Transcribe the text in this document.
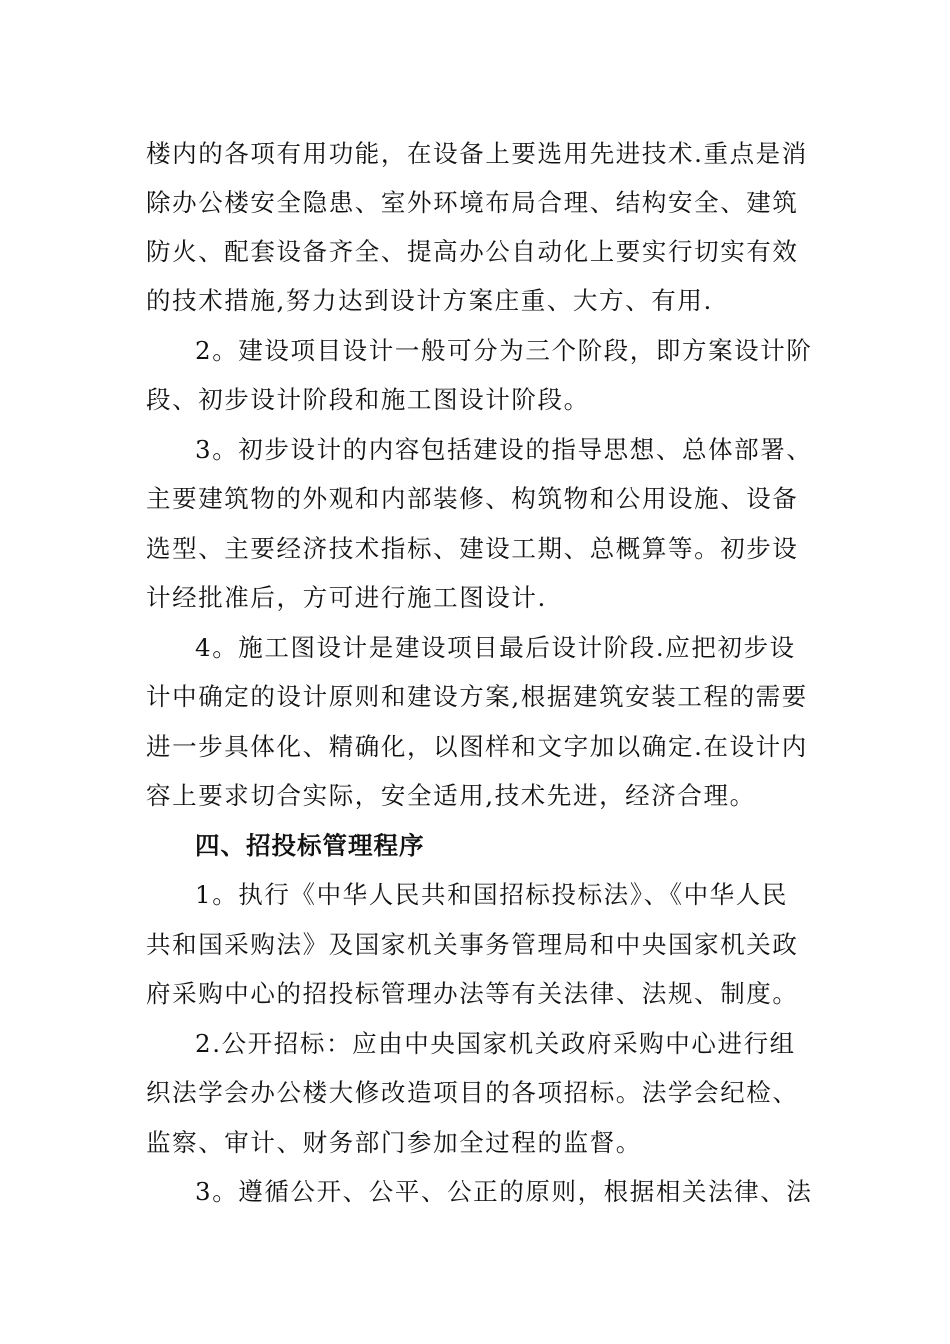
楼内的各项有用功能，在设备上要选用先进技术.重点是消
除办公楼安全隐患、室外环境布局合理、结构安全、建筑
防火、配套设备齐全、提高办公自动化上要实行切实有效
的技术措施,努力达到设计方案庄重、大方、有用.
2。建设项目设计一般可分为三个阶段，即方案设计阶
段、初步设计阶段和施工图设计阶段。
3。初步设计的内容包括建设的指导思想、总体部署、
主要建筑物的外观和内部装修、构筑物和公用设施、设备
选型、主要经济技术指标、建设工期、总概算等。初步设
计经批准后，方可进行施工图设计.
4。施工图设计是建设项目最后设计阶段.应把初步设
计中确定的设计原则和建设方案,根据建筑安装工程的需要
进一步具体化、精确化，以图样和文字加以确定.在设计内
容上要求切合实际，安全适用,技术先进，经济合理。
四、招投标管理程序
1。执行《中华人民共和国招标投标法》、《中华人民
共和国采购法》及国家机关事务管理局和中央国家机关政
府采购中心的招投标管理办法等有关法律、法规、制度。
2.公开招标：应由中央国家机关政府采购中心进行组
织法学会办公楼大修改造项目的各项招标。法学会纪检、
监察、审计、财务部门参加全过程的监督。
3。遵循公开、公平、公正的原则，根据相关法律、法
